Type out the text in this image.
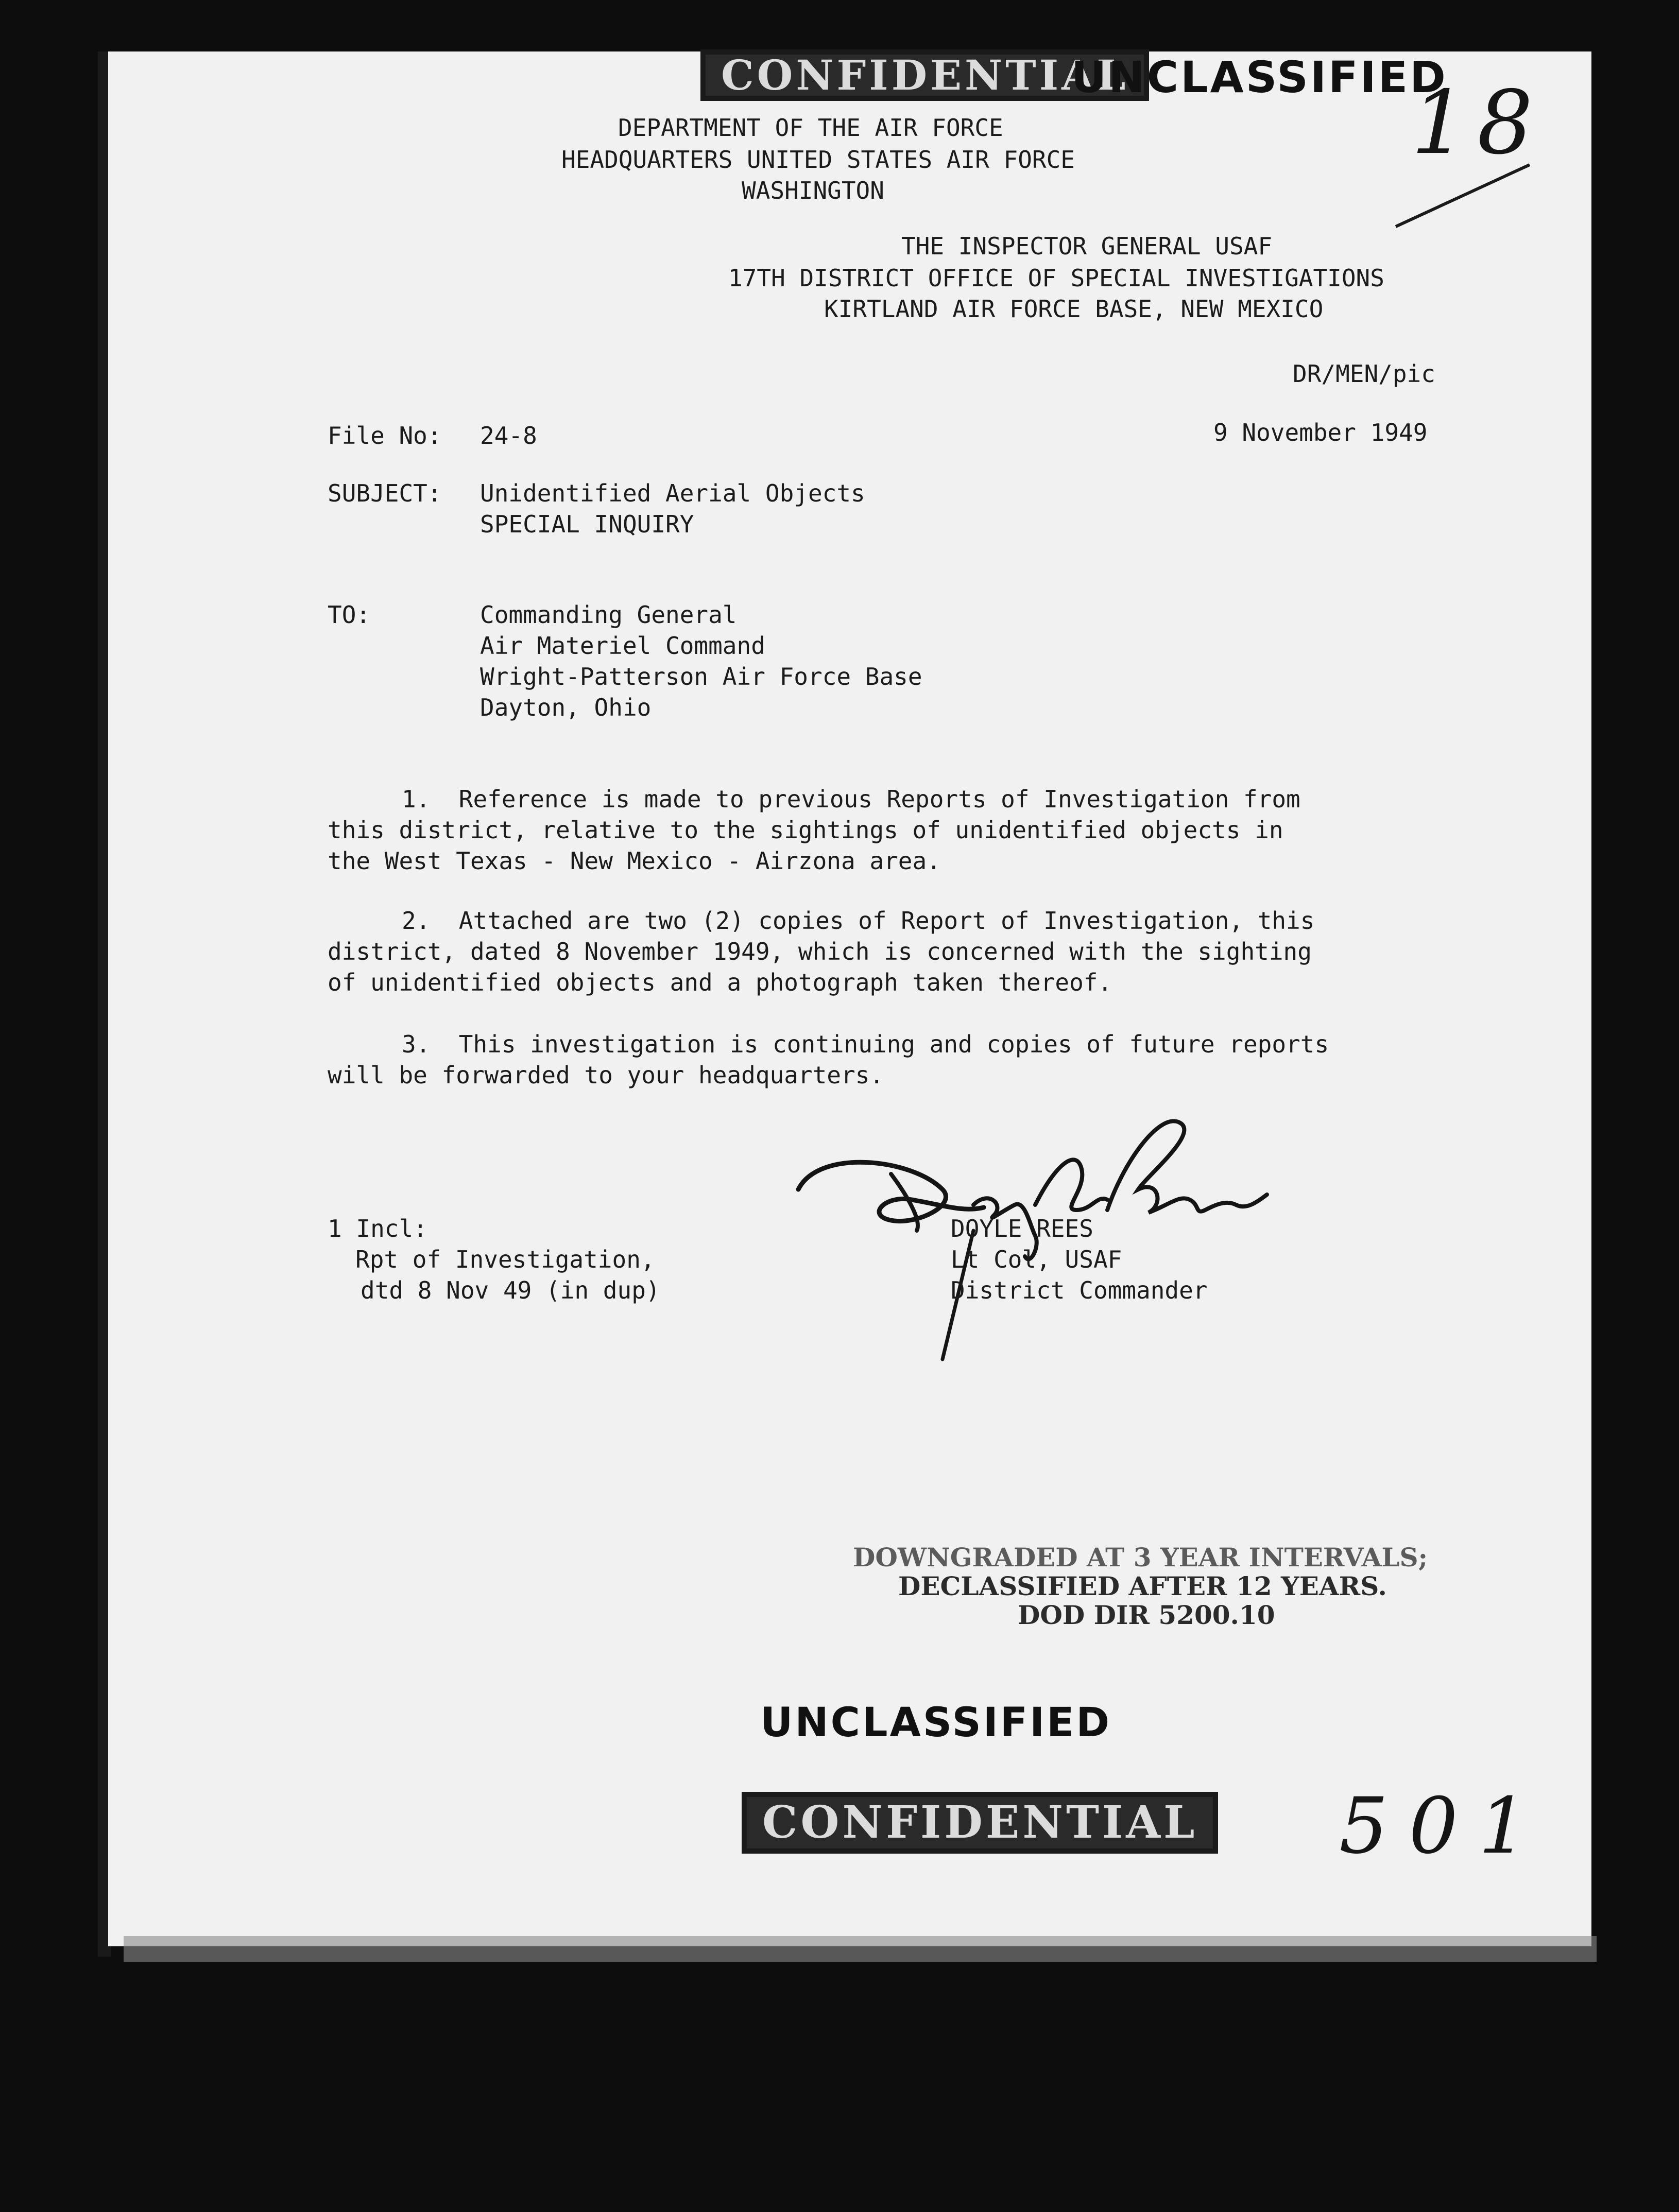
CONFIDENTIAL
UNCLASSIFIED
18
DEPARTMENT OF THE AIR FORCE
HEADQUARTERS UNITED STATES AIR FORCE
WASHINGTON
THE INSPECTOR GENERAL USAF
17TH DISTRICT OFFICE OF SPECIAL INVESTIGATIONS
KIRTLAND AIR FORCE BASE, NEW MEXICO
DR/MEN/pic
File No: 24-8	9 November 1949
SUBJECT: Unidentified Aerial Objects
SPECIAL INQUIRY
TO:	Commanding General
Air Materiel Command
Wright-Patterson Air Force Base
Dayton, Ohio
1.  Reference is made to previous Reports of Investigation from
this district, relative to the sightings of unidentified objects in
the West Texas - New Mexico - Airzona area.
2.  Attached are two (2) copies of Report of Investigation, this
district, dated 8 November 1949, which is concerned with the sighting
of unidentified objects and a photograph taken thereof.
3.  This investigation is continuing and copies of future reports
will be forwarded to your headquarters.
1 Incl:
Rpt of Investigation,
dtd 8 Nov 49 (in dup)
DOYLE REES
Lt Col, USAF
District Commander
DOWNGRADED AT 3 YEAR INTERVALS;
DECLASSIFIED AFTER 12 YEARS.
DOD DIR 5200.10
UNCLASSIFIED
CONFIDENTIAL 501
